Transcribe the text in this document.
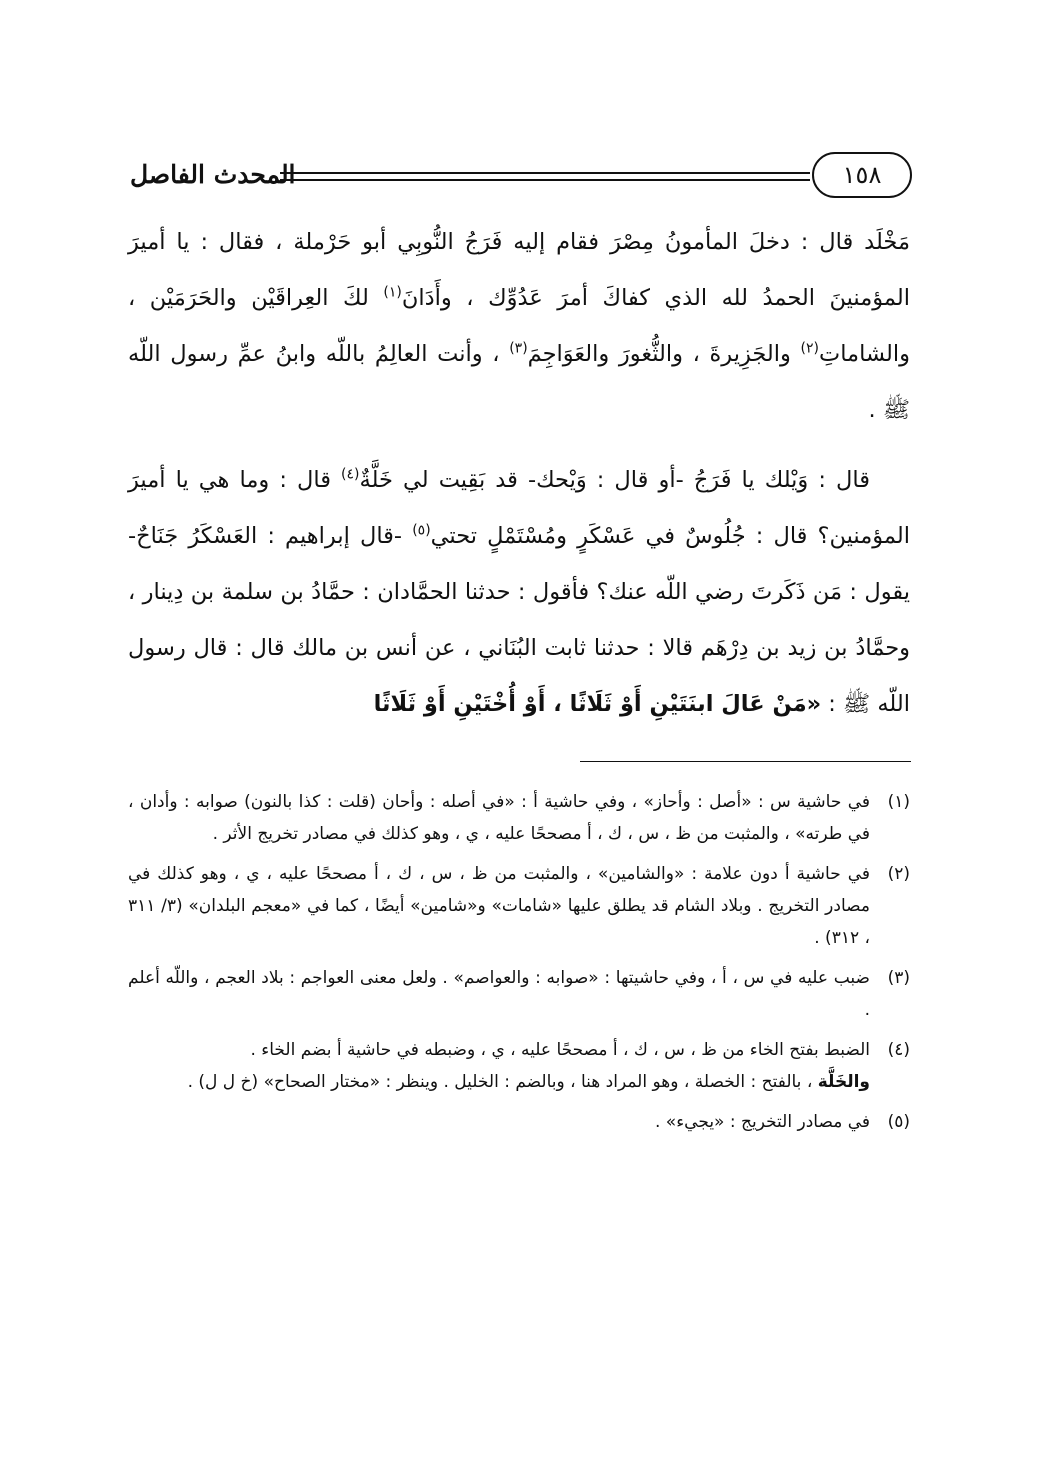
المحدث الفاصل	١٥٨

مَخْلَد قال : دخلَ المأمونُ مِصْرَ فقام إليه فَرَجُ النُّوبِي أبو حَرْملة ، فقال : يا أميرَ المؤمنينَ الحمدُ لله الذي كفاكَ أمرَ عَدُوِّك ، وأَدَانَ$^{(١)}$ لكَ العِراقَيْن والحَرَمَيْن ، والشاماتِ$^{(٢)}$ والجَزِيرةَ ، والثُّغورَ والعَوَاجِمَ$^{(٣)}$ ، وأنت العالِمُ باللّه وابنُ عمِّ رسول اللّه ﷺ .

قال : وَيْلك يا فَرَجُ -أو قال : وَيْحك- قد بَقِيت لي خَلَّةٌ$^{(٤)}$ قال : وما هي يا أميرَ المؤمنين؟ قال : جُلُوسٌ في عَسْكَرٍ ومُسْتَمْلٍ تحتي$^{(٥)}$ -قال إبراهيم : العَسْكَرُ جَنَاحٌ- يقول : مَن ذَكَرتَ رضي اللّه عنك؟ فأقول : حدثنا الحمَّادان : حمَّادُ بن سلمة بن دِينار ، وحمَّادُ بن زيد بن دِرْهَم قالا : حدثنا ثابت البُنَاني ، عن أنس بن مالك قال : قال رسول اللّه ﷺ : «مَنْ عَالَ ابنَتَيْنِ أَوْ ثَلَاثًا ، أَوْ أُخْتَيْنِ أَوْ ثَلَاثًا

(١)
في حاشية س : «أصل : وأحاز» ، وفي حاشية أ : «في أصله : وأحان (قلت : كذا بالنون) صوابه : وأدان ، في طرته» ، والمثبت من ظ ، س ، ك ، أ مصححًا عليه ، ي ، وهو كذلك في مصادر تخريج الأثر .
(٢)
في حاشية أ دون علامة : «والشامين» ، والمثبت من ظ ، س ، ك ، أ مصححًا عليه ، ي ، وهو كذلك في مصادر التخريج . وبلاد الشام قد يطلق عليها «شامات» و«شامين» أيضًا ، كما في «معجم البلدان» (٣/ ٣١١ ، ٣١٢) .
(٣)
ضبب عليه في س ، أ ، وفي حاشيتها : «صوابه : والعواصم» . ولعل معنى العواجم : بلاد العجم ، واللّه أعلم .
(٤)
الضبط بفتح الخاء من ظ ، س ، ك ، أ مصححًا عليه ، ي ، وضبطه في حاشية أ بضم الخاء .
والخَلَّة ، بالفتح : الخصلة ، وهو المراد هنا ، وبالضم : الخليل . وينظر : «مختار الصحاح» (خ ل ل) .
(٥)
في مصادر التخريج : «يجيء» .
